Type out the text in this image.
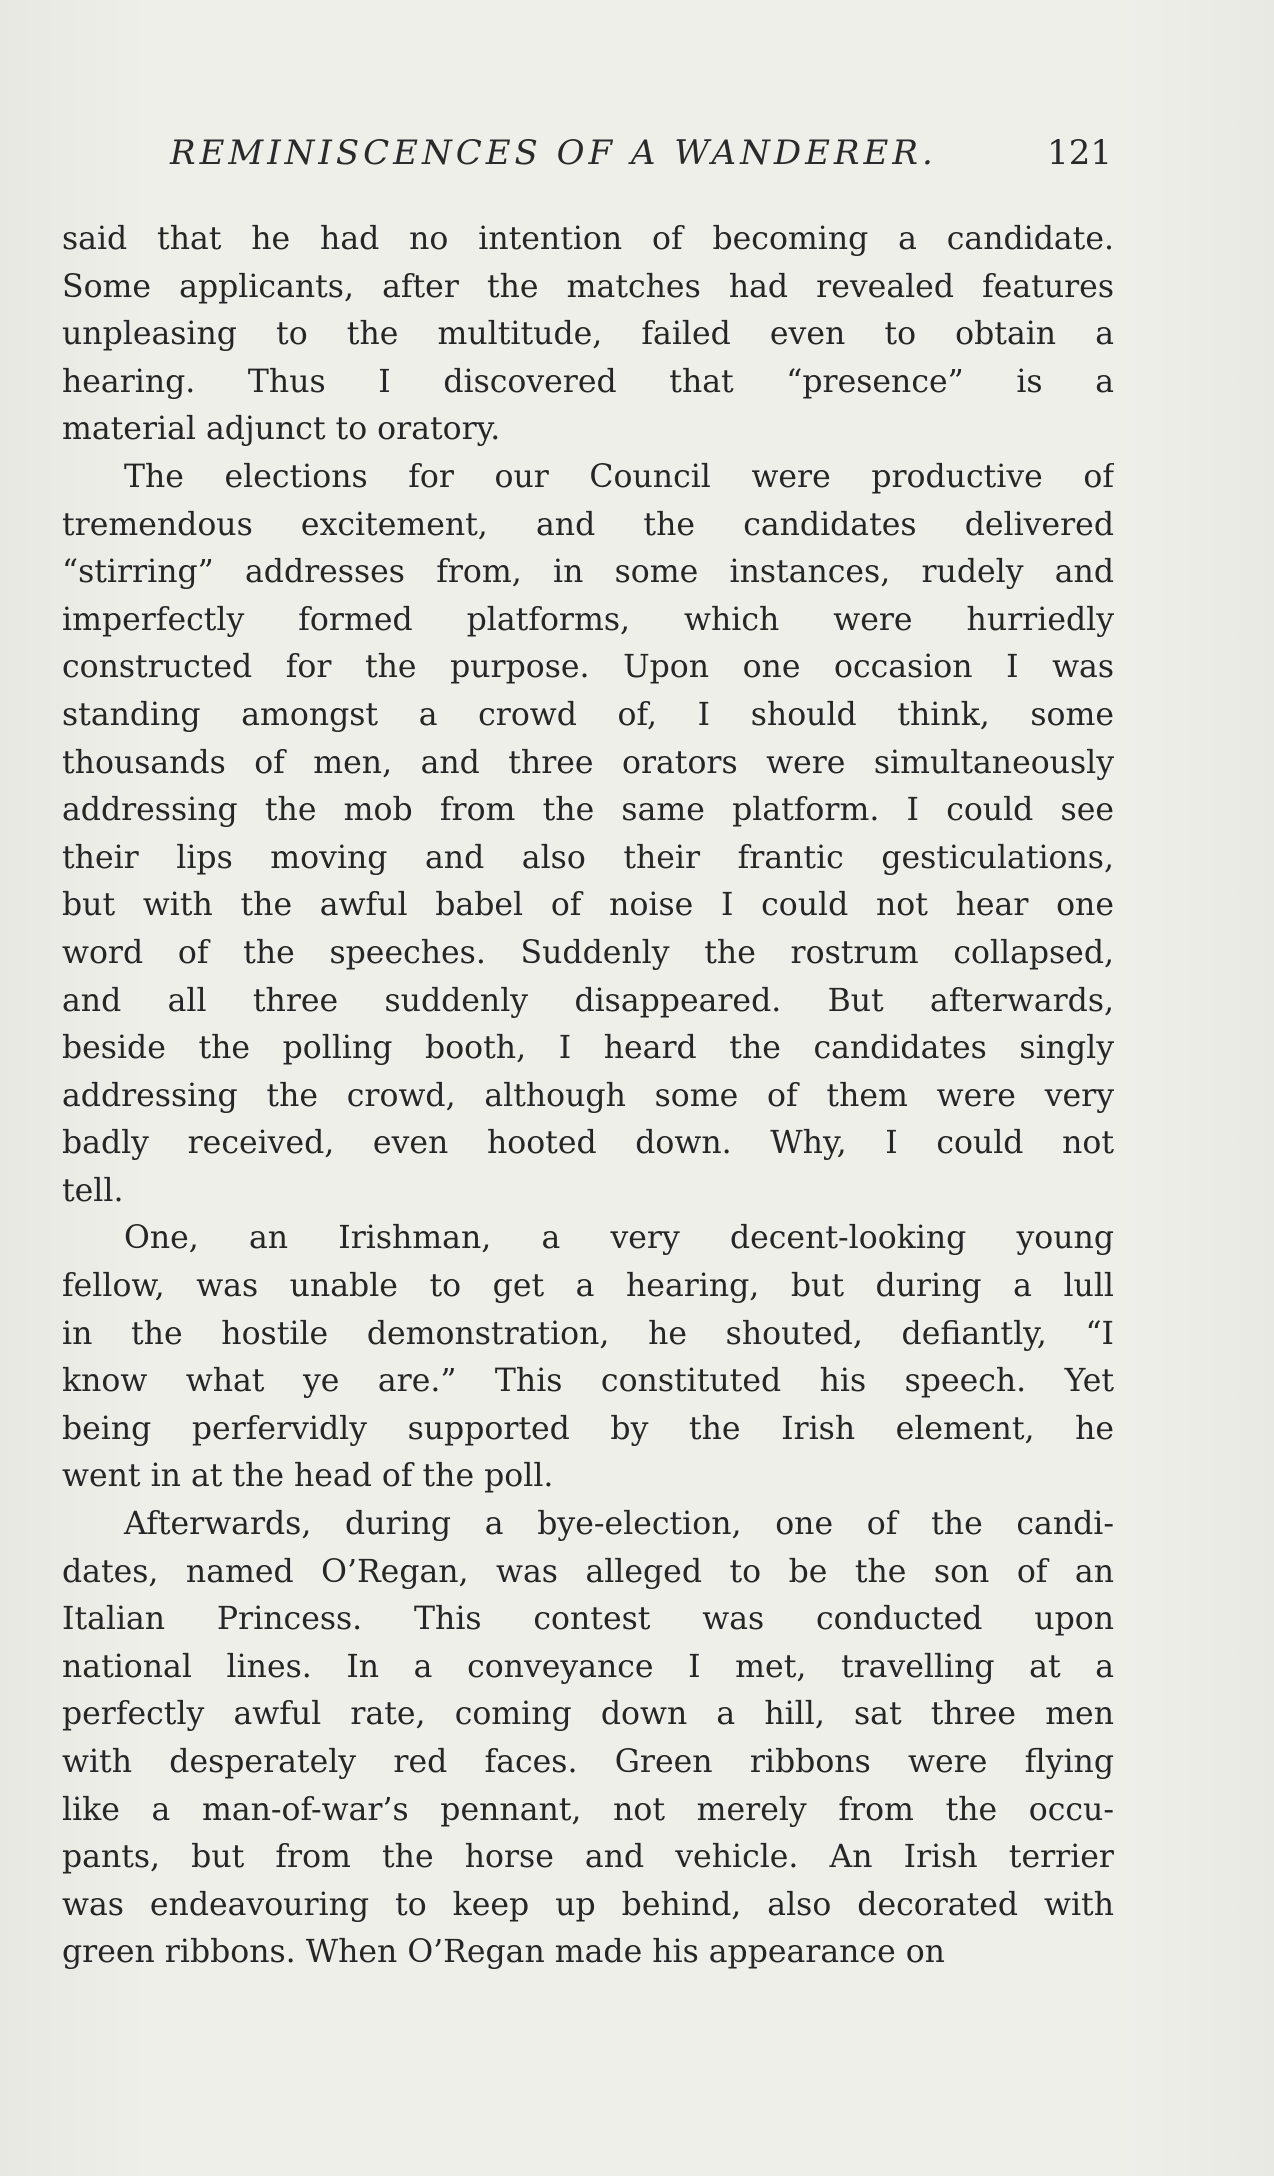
REMINISCENCES OF A WANDERER.	121
said that he had no intention of becoming a candidate.
Some applicants, after the matches had revealed features
unpleasing to the multitude, failed even to obtain a
hearing. Thus I discovered that “presence” is a
material adjunct to oratory.
The elections for our Council were productive of
tremendous excitement, and the candidates delivered
“stirring” addresses from, in some instances, rudely and
imperfectly formed platforms, which were hurriedly
constructed for the purpose. Upon one occasion I was
standing amongst a crowd of, I should think, some
thousands of men, and three orators were simultaneously
addressing the mob from the same platform. I could see
their lips moving and also their frantic gesticulations,
but with the awful babel of noise I could not hear one
word of the speeches. Suddenly the rostrum collapsed,
and all three suddenly disappeared. But afterwards,
beside the polling booth, I heard the candidates singly
addressing the crowd, although some of them were very
badly received, even hooted down. Why, I could not
tell.
One, an Irishman, a very decent-looking young
fellow, was unable to get a hearing, but during a lull
in the hostile demonstration, he shouted, defiantly, “I
know what ye are.” This constituted his speech. Yet
being perfervidly supported by the Irish element, he
went in at the head of the poll.
Afterwards, during a bye-election, one of the candi-
dates, named O’Regan, was alleged to be the son of an
Italian Princess. This contest was conducted upon
national lines. In a conveyance I met, travelling at a
perfectly awful rate, coming down a hill, sat three men
with desperately red faces. Green ribbons were flying
like a man-of-war’s pennant, not merely from the occu-
pants, but from the horse and vehicle. An Irish terrier
was endeavouring to keep up behind, also decorated with
green ribbons. When O’Regan made his appearance on
